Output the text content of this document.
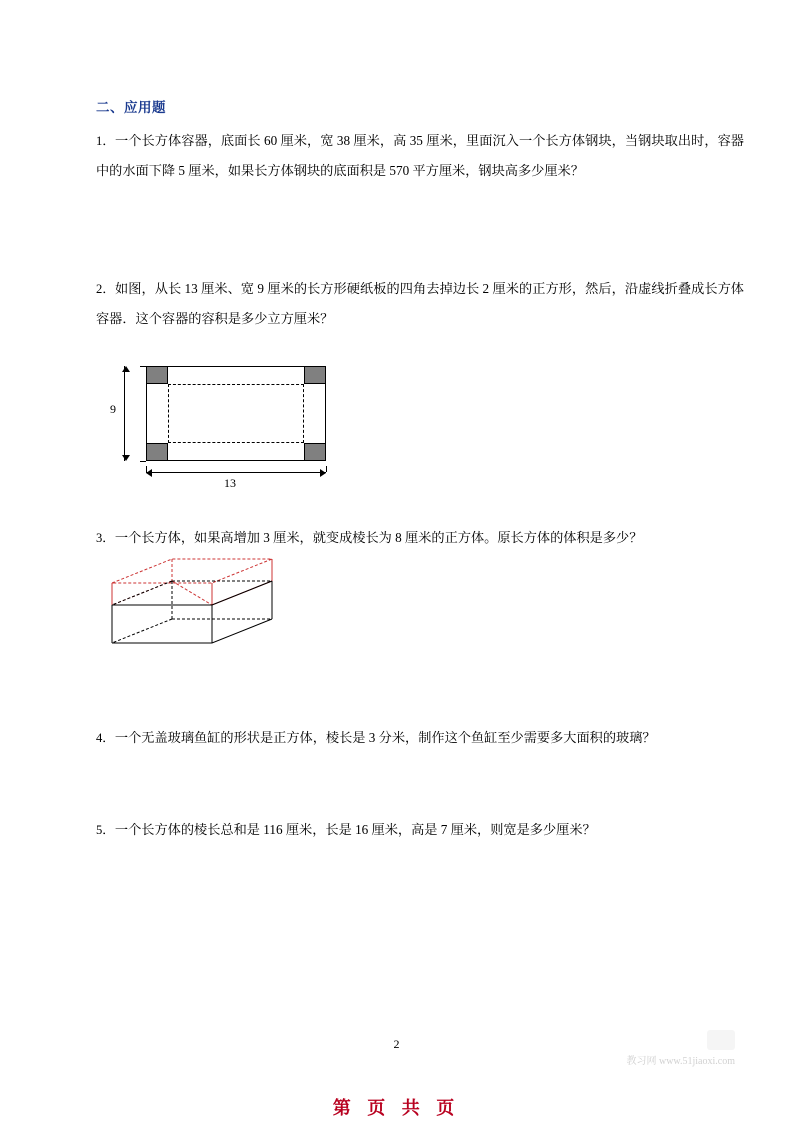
二、应用题

1．一个长方体容器，底面长 60 厘米，宽 38 厘米，高 35 厘米，里面沉入一个长方体钢块，当钢块取出时，容器中的水面下降 5 厘米，如果长方体钢块的底面积是 570 平方厘米，钢块高多少厘米？

2．如图，从长 13 厘米、宽 9 厘米的长方形硬纸板的四角去掉边长 2 厘米的正方形，然后，沿虚线折叠成长方体容器．这个容器的容积是多少立方厘米？

9
13

3．一个长方体，如果高增加 3 厘米，就变成棱长为 8 厘米的正方体。原长方体的体积是多少？

4．一个无盖玻璃鱼缸的形状是正方体，棱长是 3 分米，制作这个鱼缸至少需要多大面积的玻璃？

5．一个长方体的棱长总和是 116 厘米，长是 16 厘米，高是 7 厘米，则宽是多少厘米？

2
教习网 www.51jiaoxi.com
第 页 共 页
